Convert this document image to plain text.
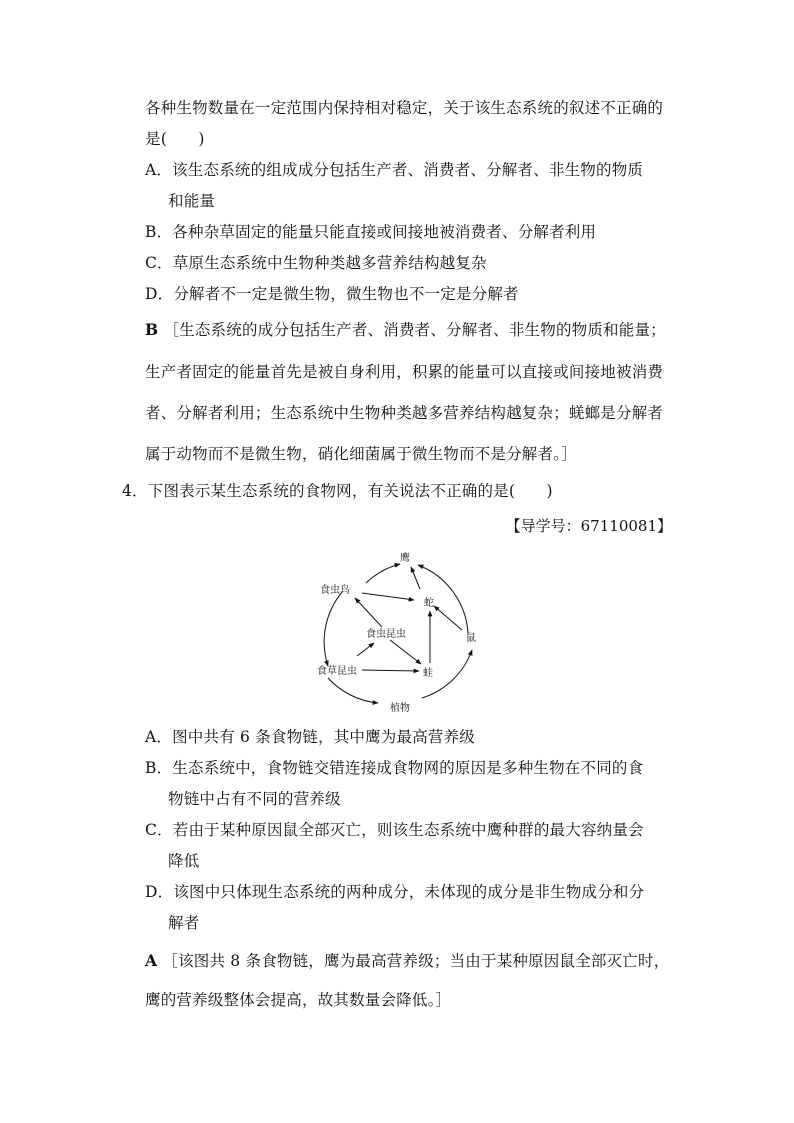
各种生物数量在一定范围内保持相对稳定，关于该生态系统的叙述不正确的
是(　　)
A．该生态系统的组成成分包括生产者、消费者、分解者、非生物的物质
和能量
B．各种杂草固定的能量只能直接或间接地被消费者、分解者利用
C．草原生态系统中生物种类越多营养结构越复杂
D．分解者不一定是微生物，微生物也不一定是分解者
B ［生态系统的成分包括生产者、消费者、分解者、非生物的物质和能量；
生产者固定的能量首先是被自身利用，积累的能量可以直接或间接地被消费
者、分解者利用；生态系统中生物种类越多营养结构越复杂；蜣螂是分解者
属于动物而不是微生物，硝化细菌属于微生物而不是分解者。］
4．下图表示某生态系统的食物网，有关说法不正确的是(　　)
【导学号：67110081】
鹰
食虫鸟
蛇
食虫昆虫	鼠
食草昆虫	蛙
植物
A．图中共有 6 条食物链，其中鹰为最高营养级
B．生态系统中，食物链交错连接成食物网的原因是多种生物在不同的食
物链中占有不同的营养级
C．若由于某种原因鼠全部灭亡，则该生态系统中鹰种群的最大容纳量会
降低
D．该图中只体现生态系统的两种成分，未体现的成分是非生物成分和分
解者
A ［该图共 8 条食物链，鹰为最高营养级；当由于某种原因鼠全部灭亡时，
鹰的营养级整体会提高，故其数量会降低。］
